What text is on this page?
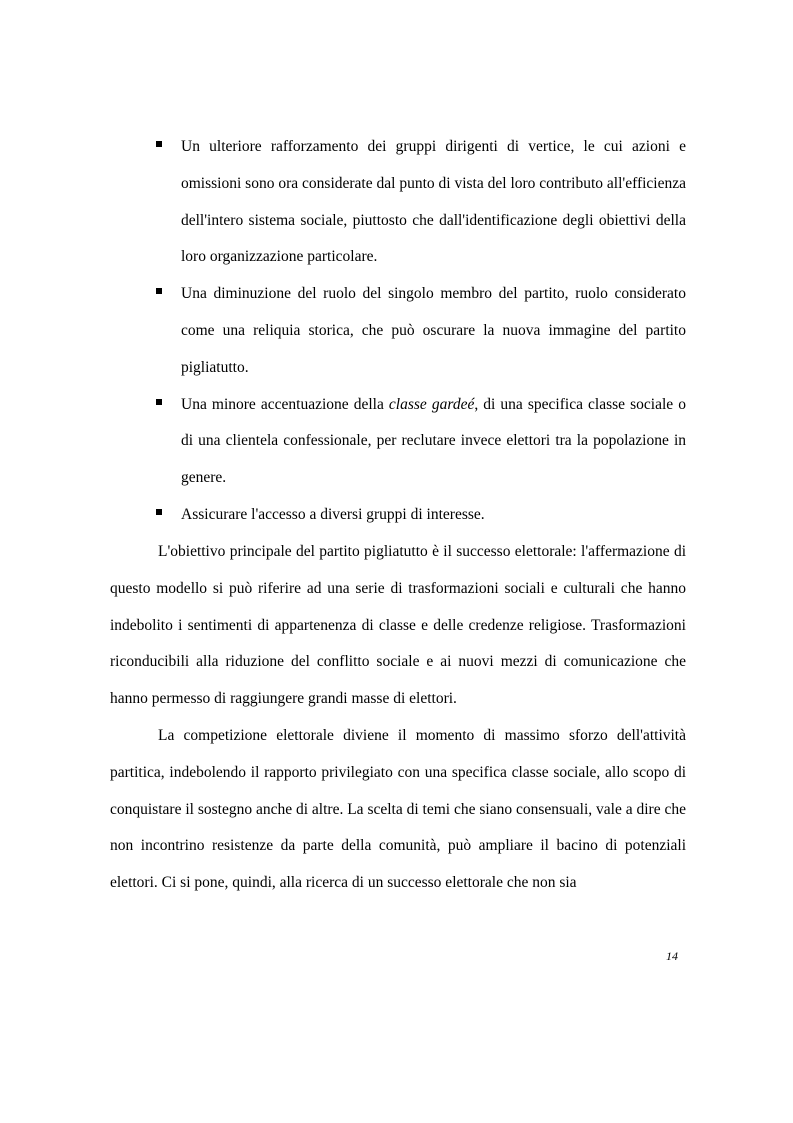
Un ulteriore rafforzamento dei gruppi dirigenti di vertice, le cui azioni e omissioni sono ora considerate dal punto di vista del loro contributo all'efficienza dell'intero sistema sociale, piuttosto che dall'identificazione degli obiettivi della loro organizzazione particolare.
Una diminuzione del ruolo del singolo membro del partito, ruolo considerato come una reliquia storica, che può oscurare la nuova immagine del partito pigliatutto.
Una minore accentuazione della classe gardeé, di una specifica classe sociale o di una clientela confessionale, per reclutare invece elettori tra la popolazione in genere.
Assicurare l'accesso a diversi gruppi di interesse.

L'obiettivo principale del partito pigliatutto è il successo elettorale: l'affermazione di questo modello si può riferire ad una serie di trasformazioni sociali e culturali che hanno indebolito i sentimenti di appartenenza di classe e delle credenze religiose. Trasformazioni riconducibili alla riduzione del conflitto sociale e ai nuovi mezzi di comunicazione che hanno permesso di raggiungere grandi masse di elettori.

La competizione elettorale diviene il momento di massimo sforzo dell'attività partitica, indebolendo il rapporto privilegiato con una specifica classe sociale, allo scopo di conquistare il sostegno anche di altre. La scelta di temi che siano consensuali, vale a dire che non incontrino resistenze da parte della comunità, può ampliare il bacino di potenziali elettori. Ci si pone, quindi, alla ricerca di un successo elettorale che non sia

14
